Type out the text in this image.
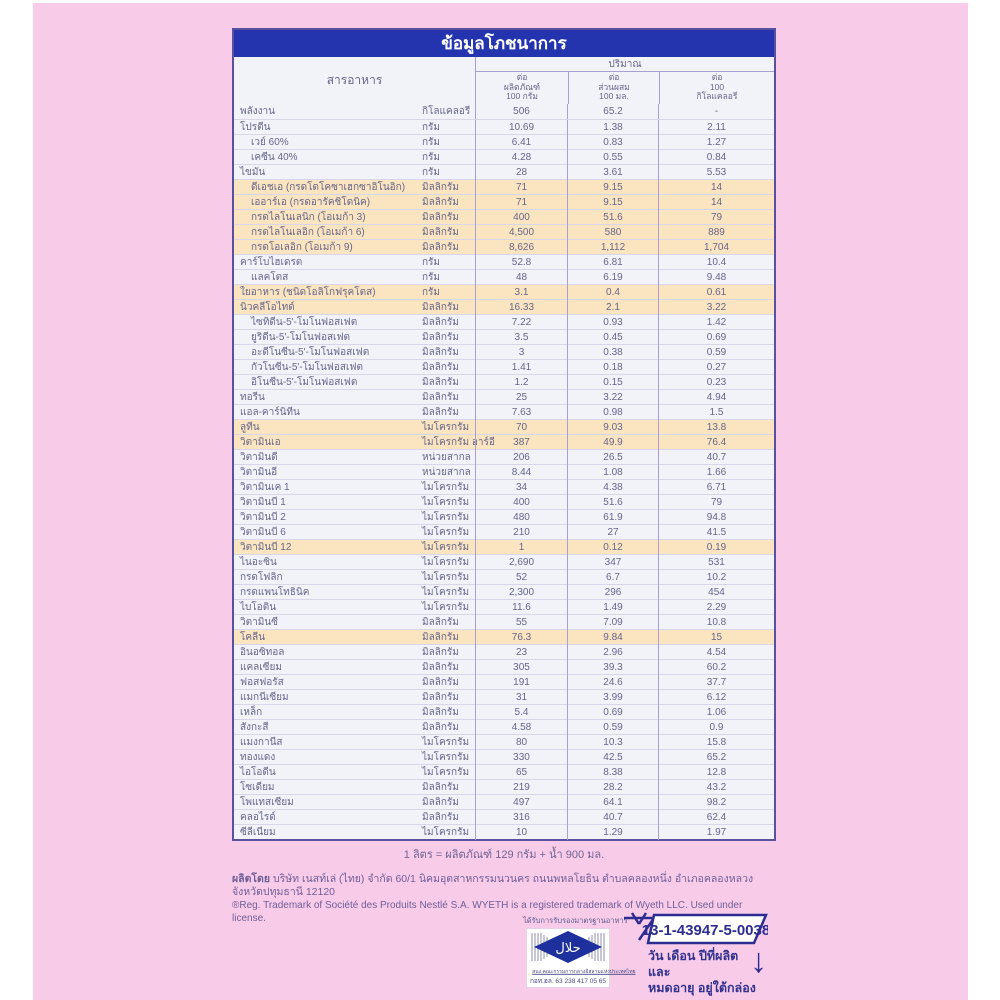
ข้อมูลโภชนาการ
สารอาหาร
ปริมาณ
ต่อ
ผลิตภัณฑ์
100 กรัม
ต่อ
ส่วนผสม
100 มล.
ต่อ
100
กิโลแคลอรี
พลังงาน	กิโลแคลอรี	506	65.2	-
โปรตีน	กรัม	10.69	1.38	2.11
เวย์ 60%	กรัม	6.41	0.83	1.27
เคซีน 40%	กรัม	4.28	0.55	0.84
ไขมัน	กรัม	28	3.61	5.53
ดีเอชเอ (กรดโดโคซาเฮกซาอิโนอิก)	มิลลิกรัม	71	9.15	14
เออาร์เอ (กรดอารัคชิโดนิค)	มิลลิกรัม	71	9.15	14
กรดไลโนเลนิก (โอเมก้า 3)	มิลลิกรัม	400	51.6	79
กรดไลโนเลอิก (โอเมก้า 6)	มิลลิกรัม	4,500	580	889
กรดโอเลอิก (โอเมก้า 9)	มิลลิกรัม	8,626	1,112	1,704
คาร์โบไฮเดรต	กรัม	52.8	6.81	10.4
แลคโตส	กรัม	48	6.19	9.48
ใยอาหาร (ชนิดโอลิโกฟรุคโตส)	กรัม	3.1	0.4	0.61
นิวคลีโอไทด์	มิลลิกรัม	16.33	2.1	3.22
ไซทิดีน-5'-โมโนฟอสเฟต	มิลลิกรัม	7.22	0.93	1.42
ยูริดีน-5'-โมโนฟอสเฟต	มิลลิกรัม	3.5	0.45	0.69
อะดีโนซีน-5'-โมโนฟอสเฟต	มิลลิกรัม	3	0.38	0.59
กัวโนซีน-5'-โมโนฟอสเฟต	มิลลิกรัม	1.41	0.18	0.27
อิโนซีน-5'-โมโนฟอสเฟต	มิลลิกรัม	1.2	0.15	0.23
ทอรีน	มิลลิกรัม	25	3.22	4.94
แอล-คาร์นิทีน	มิลลิกรัม	7.63	0.98	1.5
ลูทีน	ไมโครกรัม	70	9.03	13.8
วิตามินเอ	ไมโครกรัม อาร์อี	387	49.9	76.4
วิตามินดี	หน่วยสากล	206	26.5	40.7
วิตามินอี	หน่วยสากล	8.44	1.08	1.66
วิตามินเค 1	ไมโครกรัม	34	4.38	6.71
วิตามินบี 1	ไมโครกรัม	400	51.6	79
วิตามินบี 2	ไมโครกรัม	480	61.9	94.8
วิตามินบี 6	ไมโครกรัม	210	27	41.5
วิตามินบี 12	ไมโครกรัม	1	0.12	0.19
ไนอะซิน	ไมโครกรัม	2,690	347	531
กรดโฟลิก	ไมโครกรัม	52	6.7	10.2
กรดแพนโทธินิค	ไมโครกรัม	2,300	296	454
ไบโอติน	ไมโครกรัม	11.6	1.49	2.29
วิตามินซี	มิลลิกรัม	55	7.09	10.8
โคลีน	มิลลิกรัม	76.3	9.84	15
อินอซิทอล	มิลลิกรัม	23	2.96	4.54
แคลเซียม	มิลลิกรัม	305	39.3	60.2
ฟอสฟอรัส	มิลลิกรัม	191	24.6	37.7
แมกนีเซียม	มิลลิกรัม	31	3.99	6.12
เหล็ก	มิลลิกรัม	5.4	0.69	1.06
สังกะสี	มิลลิกรัม	4.58	0.59	0.9
แมงกานีส	ไมโครกรัม	80	10.3	15.8
ทองแดง	ไมโครกรัม	330	42.5	65.2
ไอโอดีน	ไมโครกรัม	65	8.38	12.8
โซเดียม	มิลลิกรัม	219	28.2	43.2
โพแทสเซียม	มิลลิกรัม	497	64.1	98.2
คลอไรด์	มิลลิกรัม	316	40.7	62.4
ซีลีเนียม	ไมโครกรัม	10	1.29	1.97
1 ลิตร = ผลิตภัณฑ์ 129 กรัม + น้ำ 900 มล.
ผลิตโดย บริษัท เนสท์เล่ (ไทย) จำกัด 60/1 นิคมอุตสาหกรรมนวนคร ถนนพหลโยธิน ตำบลคลองหนึ่ง อำเภอคลองหลวง จังหวัดปทุมธานี 12120
®Reg. Trademark of Société des Produits Nestlé S.A. WYETH is a registered trademark of Wyeth LLC. Used under license.	ได้รับการรับรองมาตรฐานอาหาร
حلال
สนง.คณะกรรมการกลางอิสลามแห่งประเทศไทย
กอท.ฮล. 63 238 417 05 65
13-1-43947-5-0038
วัน เดือน ปีที่ผลิต และ
หมดอายุ อยู่ใต้กล่อง
↓
